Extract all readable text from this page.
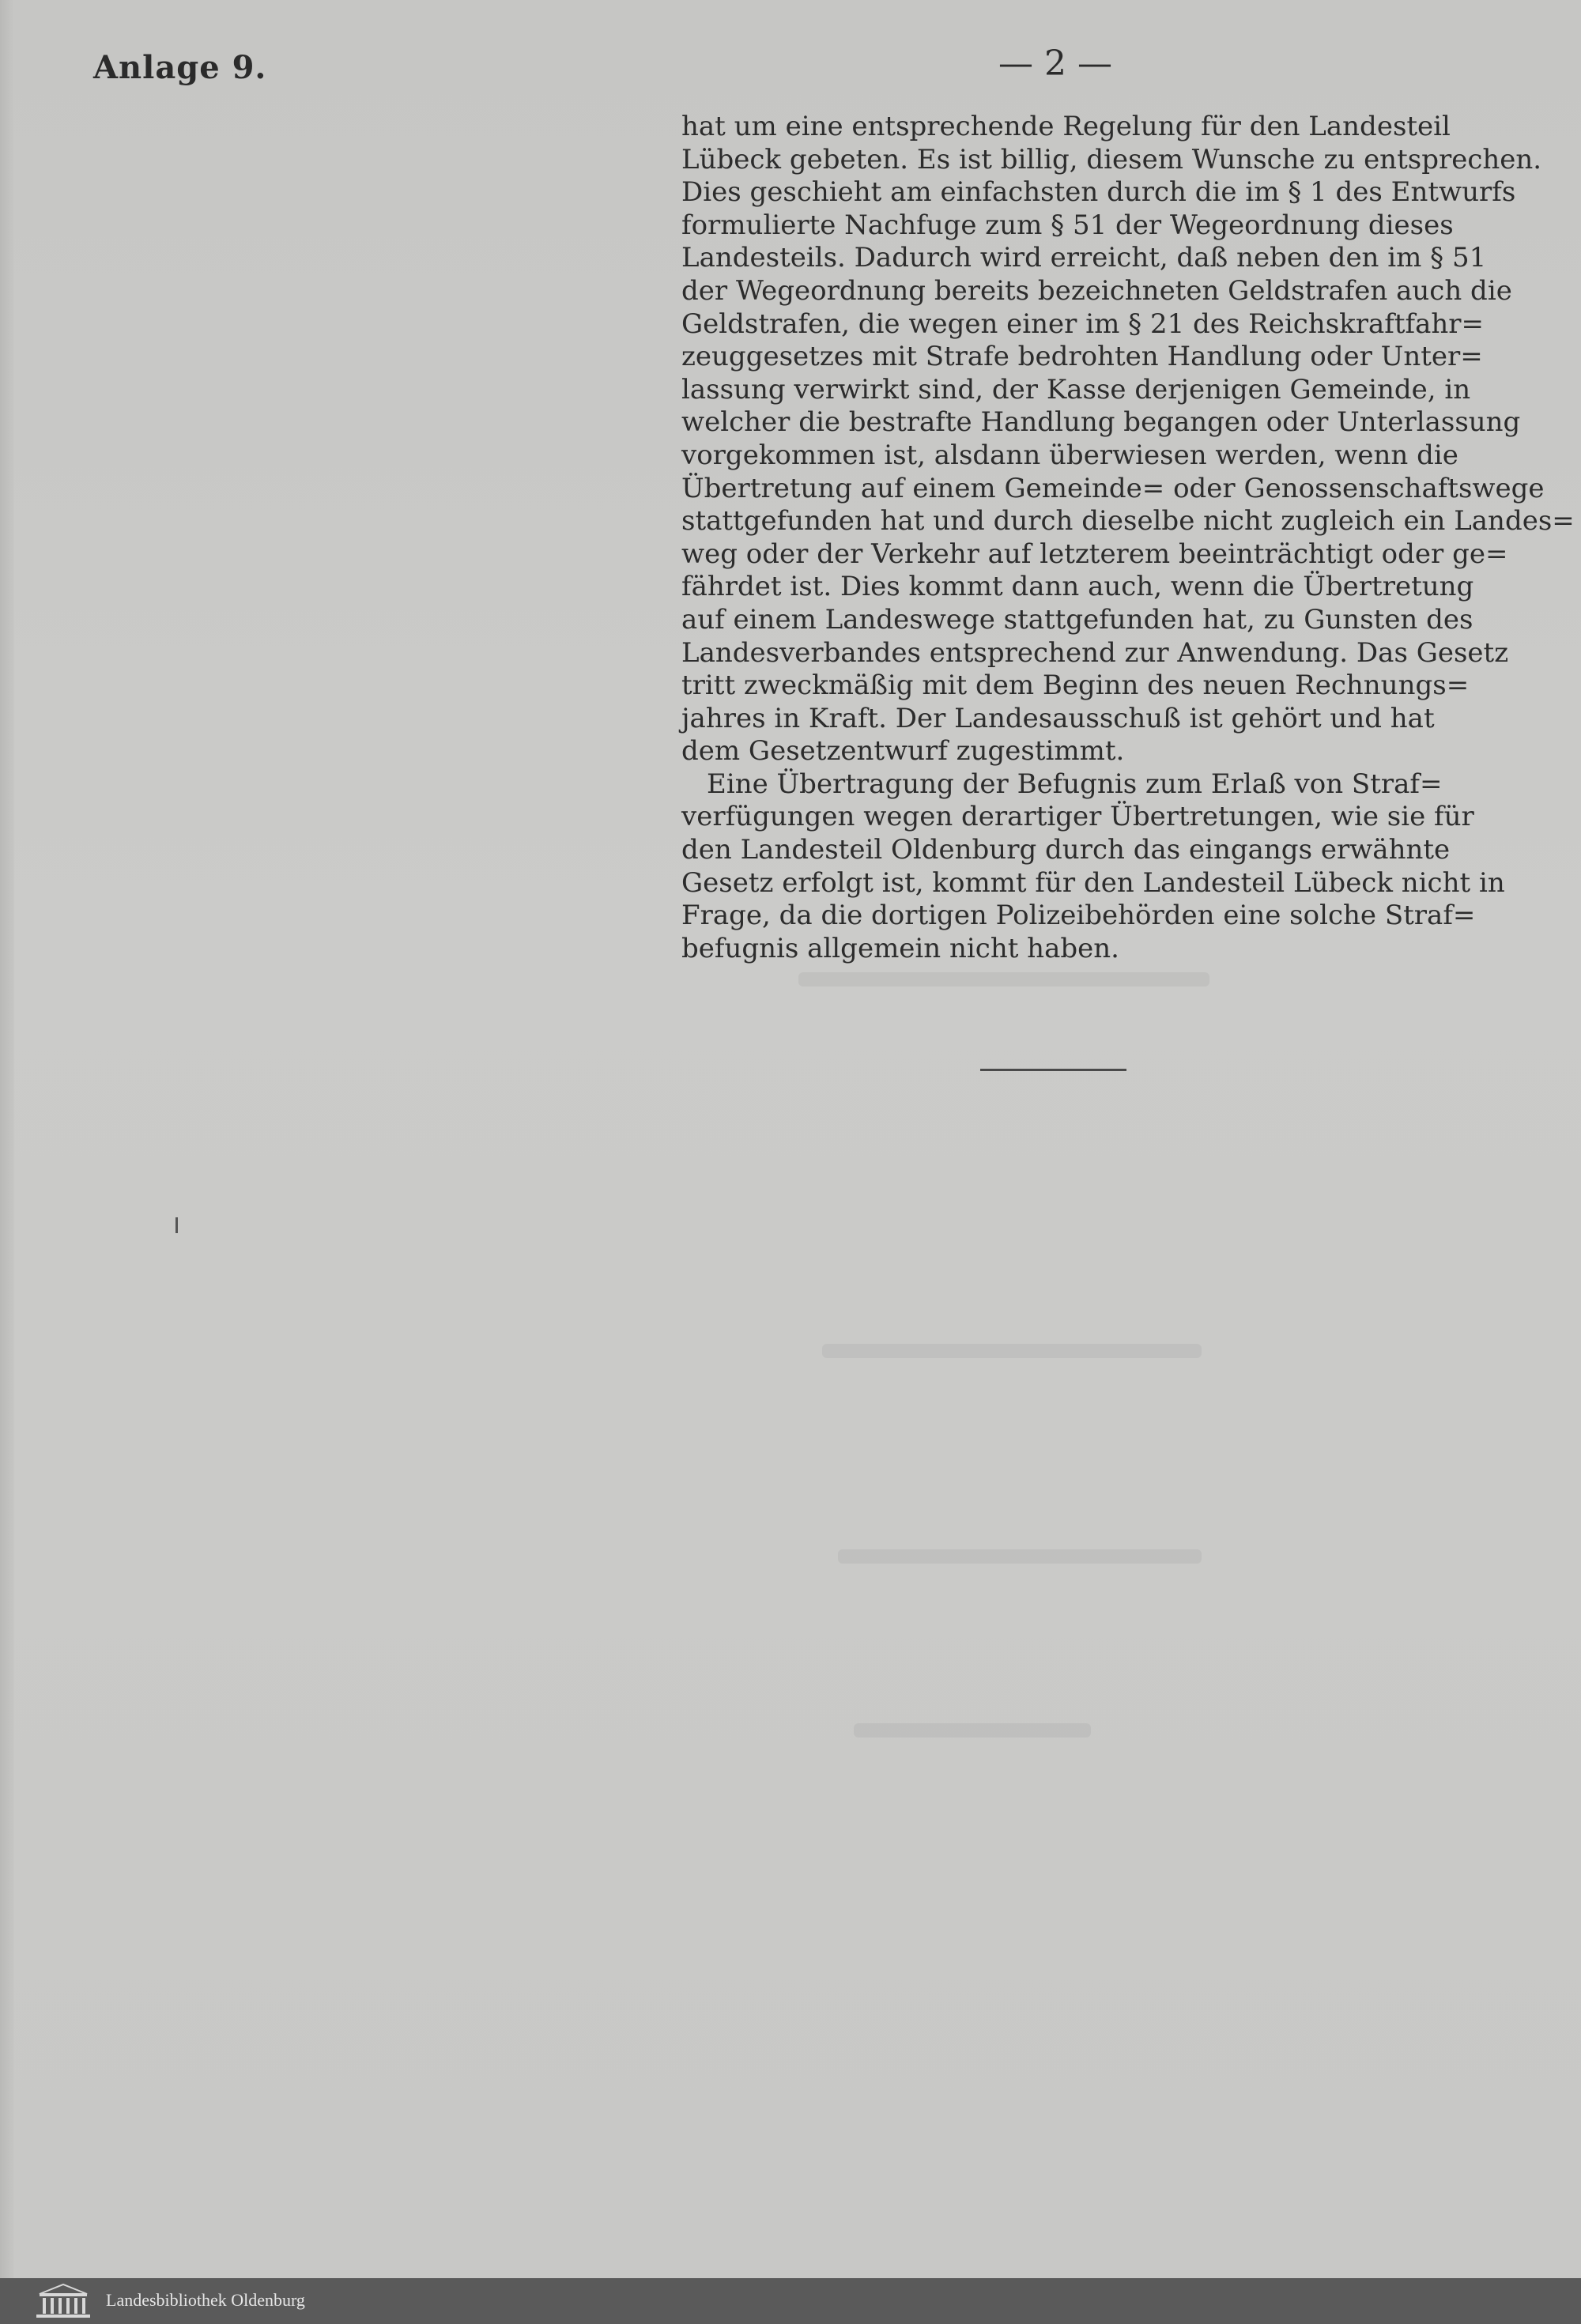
Anlage 9.	— 2 —
hat um eine entsprechende Regelung für den Landesteil
Lübeck gebeten. Es ist billig, diesem Wunsche zu entsprechen.
Dies geschieht am einfachsten durch die im § 1 des Entwurfs
formulierte Nachfuge zum § 51 der Wegeordnung dieses
Landesteils. Dadurch wird erreicht, daß neben den im § 51
der Wegeordnung bereits bezeichneten Geldstrafen auch die
Geldstrafen, die wegen einer im § 21 des Reichskraftfahr=
zeuggesetzes mit Strafe bedrohten Handlung oder Unter=
lassung verwirkt sind, der Kasse derjenigen Gemeinde, in
welcher die bestrafte Handlung begangen oder Unterlassung
vorgekommen ist, alsdann überwiesen werden, wenn die
Übertretung auf einem Gemeinde= oder Genossenschaftswege
stattgefunden hat und durch dieselbe nicht zugleich ein Landes=
weg oder der Verkehr auf letzterem beeinträchtigt oder ge=
fährdet ist. Dies kommt dann auch, wenn die Übertretung
auf einem Landeswege stattgefunden hat, zu Gunsten des
Landesverbandes entsprechend zur Anwendung. Das Gesetz
tritt zweckmäßig mit dem Beginn des neuen Rechnungs=
jahres in Kraft. Der Landesausschuß ist gehört und hat
dem Gesetzentwurf zugestimmt.
Eine Übertragung der Befugnis zum Erlaß von Straf=
verfügungen wegen derartiger Übertretungen, wie sie für
den Landesteil Oldenburg durch das eingangs erwähnte
Gesetz erfolgt ist, kommt für den Landesteil Lübeck nicht in
Frage, da die dortigen Polizeibehörden eine solche Straf=
befugnis allgemein nicht haben.
Landesbibliothek Oldenburg
